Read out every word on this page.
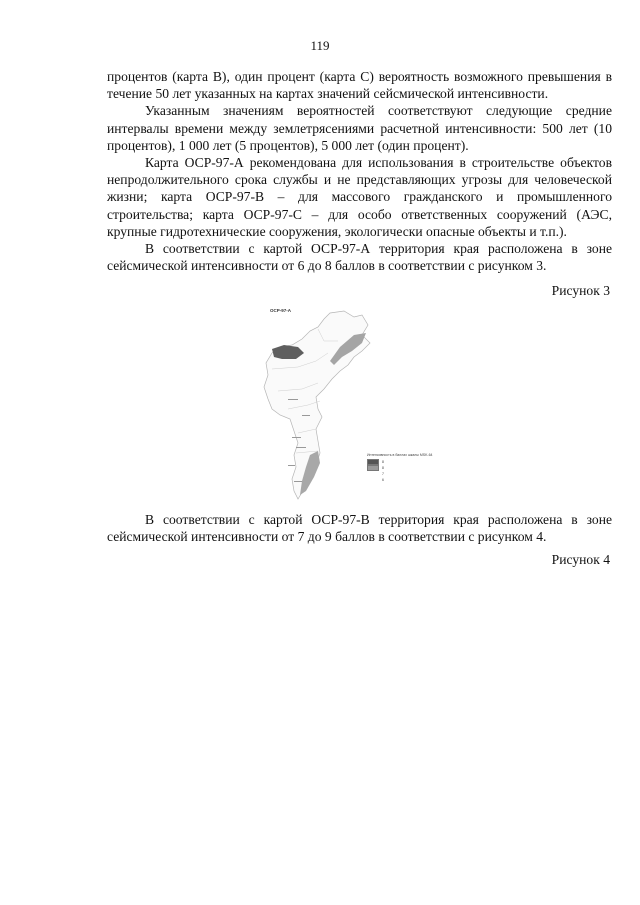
119

процентов (карта В), один процент (карта С) вероятность возможного превышения в течение 50 лет указанных на картах значений сейсмической интенсивности.

Указанным значениям вероятностей соответствуют следующие средние интервалы времени между землетрясениями расчетной интенсивности: 500 лет (10 процентов), 1 000 лет (5 процентов), 5 000 лет (один процент).

Карта ОСР-97-А рекомендована для использования в строительстве объектов непродолжительного срока службы и не представляющих угрозы для человеческой жизни; карта ОСР-97-В – для массового гражданского и промышленного строительства; карта ОСР-97-С – для особо ответственных сооружений (АЭС, крупные гидротехнические сооружения, экологически опасные объекты и т.п.).

В соответствии с картой ОСР-97-А территория края расположена в зоне сейсмической интенсивности от 6 до 8 баллов в соответствии с рисунком 3.

Рисунок 3
ОСР-97-А
Интенсивность в баллах шкалы MSK-64
8
8
7
6

В соответствии с картой ОСР-97-В территория края расположена в зоне сейсмической интенсивности от 7 до 9 баллов в соответствии с рисунком 4.

Рисунок 4
